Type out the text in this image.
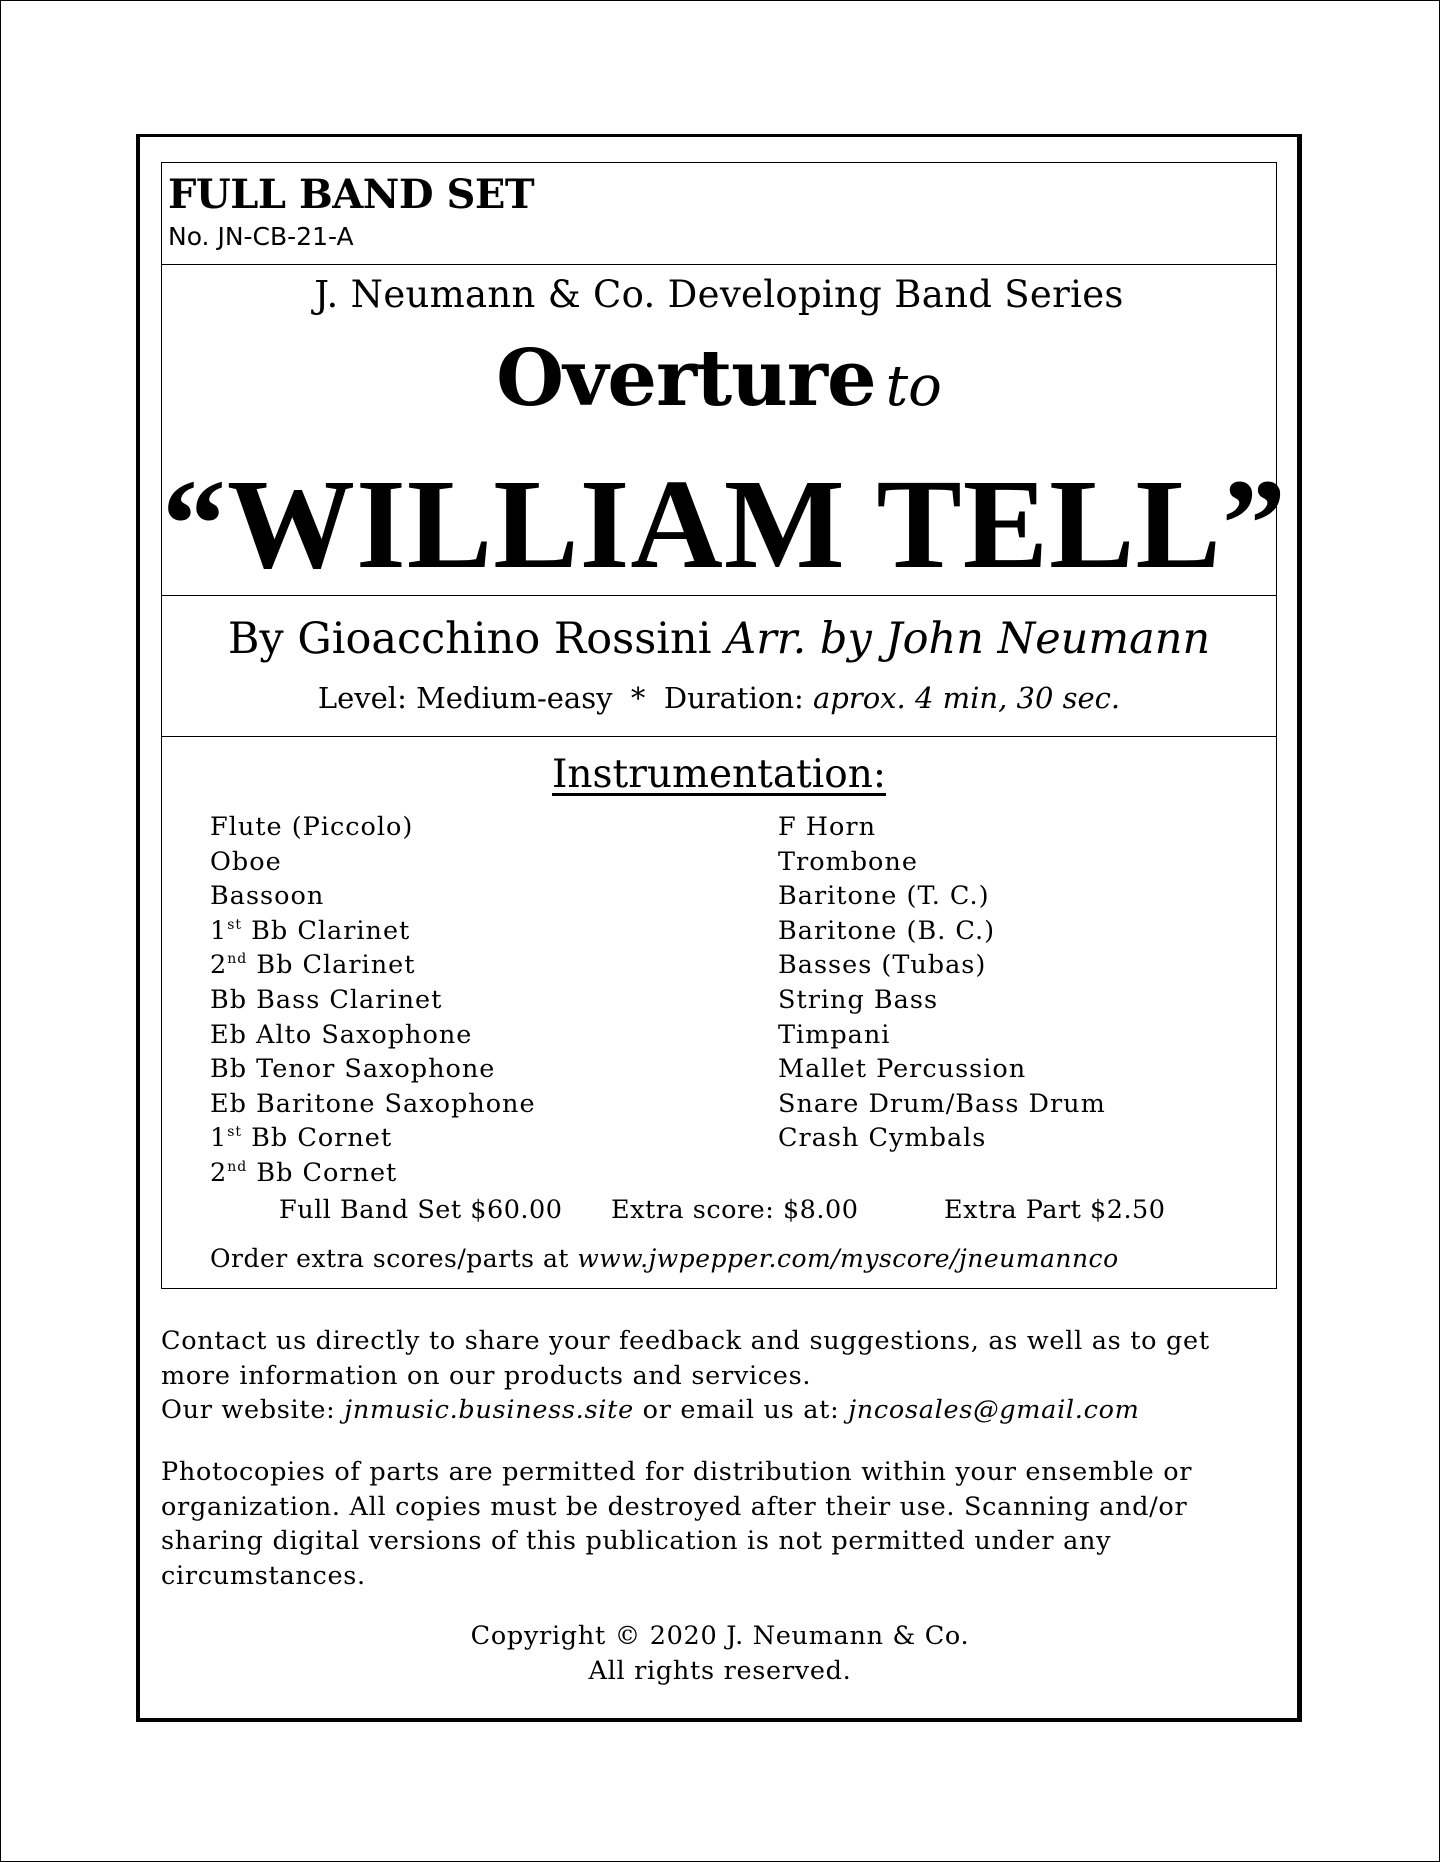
FULL BAND SET
No. JN-CB-21-A
J. Neumann & Co. Developing Band Series
Overture to
“WILLIAM TELL”
By Gioacchino Rossini Arr. by John Neumann
Level: Medium-easy * Duration: aprox. 4 min, 30 sec.
Instrumentation:
Flute (Piccolo)
Oboe
Bassoon
1st Bb Clarinet
2nd Bb Clarinet
Bb Bass Clarinet
Eb Alto Saxophone
Bb Tenor Saxophone
Eb Baritone Saxophone
1st Bb Cornet
2nd Bb Cornet
F Horn
Trombone
Baritone (T. C.)
Baritone (B. C.)
Basses (Tubas)
String Bass
Timpani
Mallet Percussion
Snare Drum/Bass Drum
Crash Cymbals
Full Band Set $60.00 Extra score: $8.00	Extra Part $2.50
Order extra scores/parts at www.jwpepper.com/myscore/jneumannco

Contact us directly to share your feedback and suggestions, as well as to get more information on our products and services.
Our website: jnmusic.business.site or email us at: jncosales@gmail.com

Photocopies of parts are permitted for distribution within your ensemble or organization. All copies must be destroyed after their use. Scanning and/or sharing digital versions of this publication is not permitted under any circumstances.

Copyright © 2020 J. Neumann & Co.
All rights reserved.
